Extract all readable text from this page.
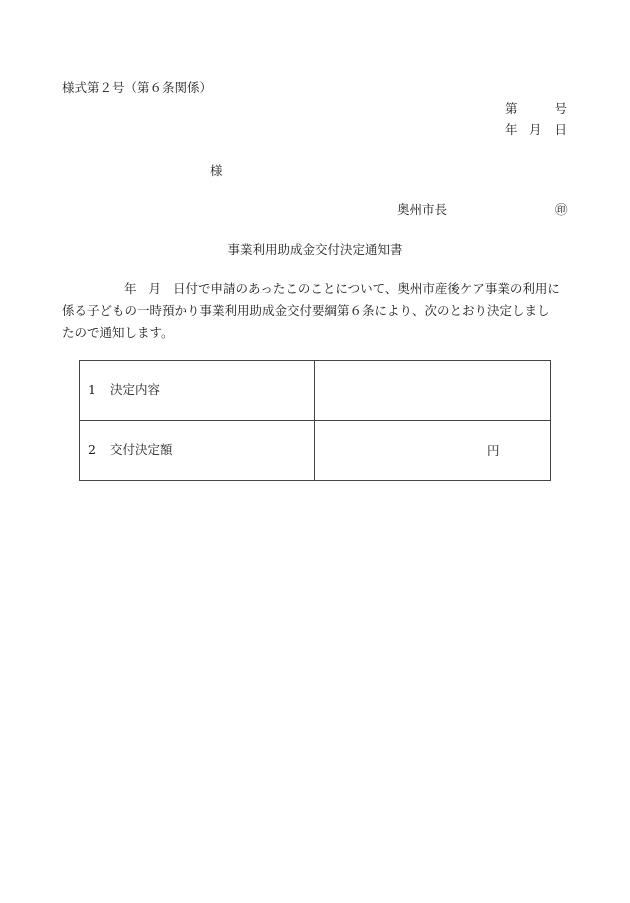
様式第２号（第６条関係）
第	号
年 月 日
様
奥州市長	㊞
事業利用助成金交付決定通知書
年 月 日付で申請のあったこのことについて、奥州市産後ケア事業の利用に
係る子どもの一時預かり事業利用助成金交付要綱第６条により、次のとおり決定しまし
たので通知します。
1 決定内容	
2 交付決定額	円
